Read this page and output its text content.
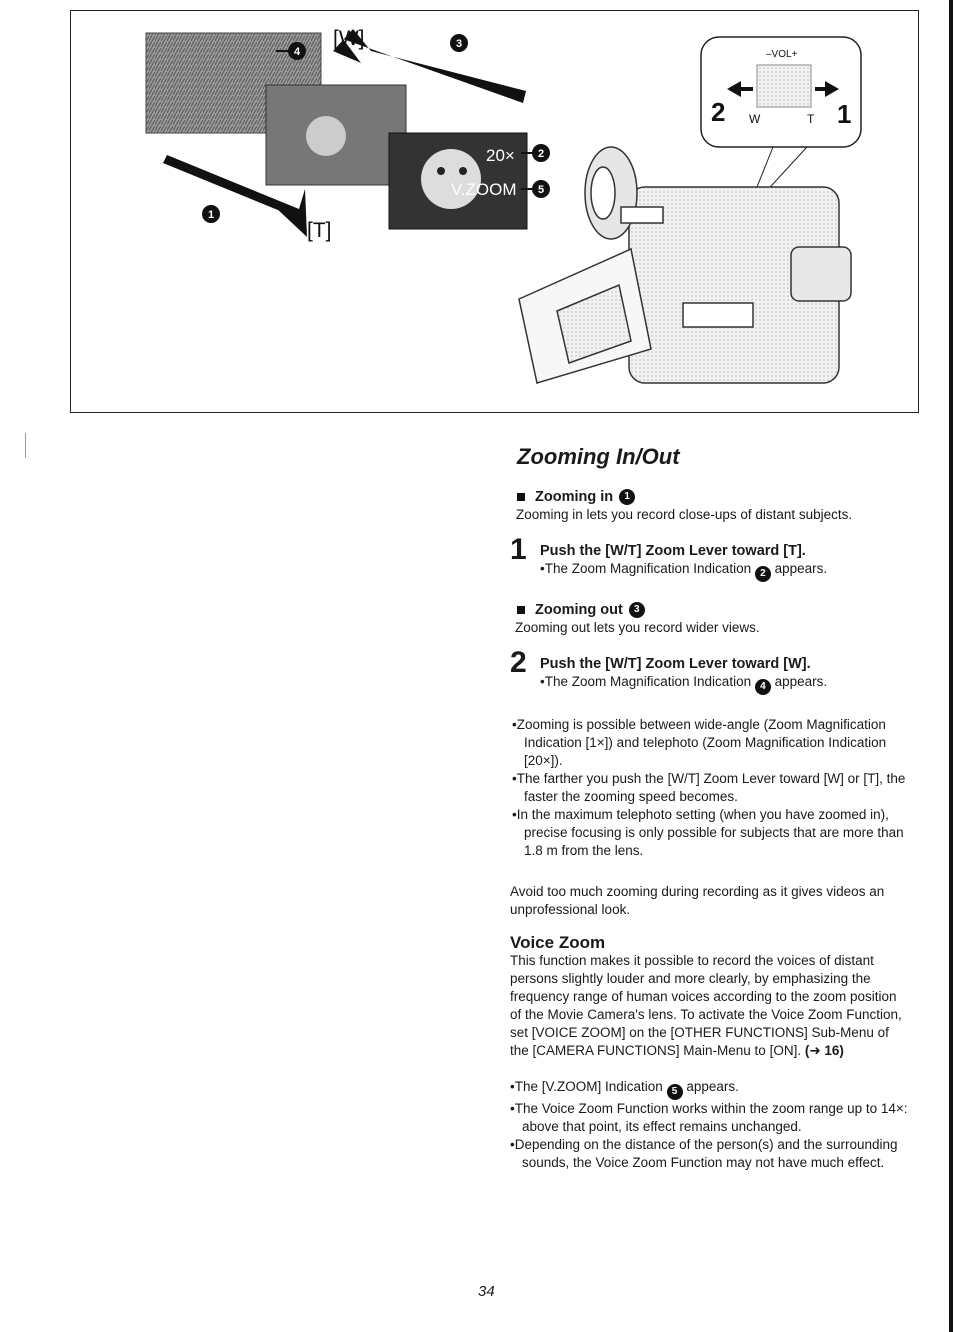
20×
V.ZOOM
4
2
5
3
1
[W]
[T]
–VOL+
2 W	T 1
Zooming In/Out
Zooming in	1
Zooming in lets you record close-ups of distant subjects.
1 Push the [W/T] Zoom Lever toward [T].
•The Zoom Magnification Indication 2 appears.
Zooming out	3
Zooming out lets you record wider views.
2 Push the [W/T] Zoom Lever toward [W].
•The Zoom Magnification Indication 4 appears.

•Zooming is possible between wide-angle (Zoom Magnification Indication [1×]) and telephoto (Zoom Magnification Indication [20×]).

•The farther you push the [W/T] Zoom Lever toward [W] or [T], the faster the zooming speed becomes.

•In the maximum telephoto setting (when you have zoomed in), precise focusing is only possible for subjects that are more than 1.8 m from the lens.

Avoid too much zooming during recording as it gives videos an unprofessional look.
Voice Zoom
This function makes it possible to record the voices of distant persons slightly louder and more clearly, by emphasizing the frequency range of human voices according to the zoom position of the Movie Camera's lens. To activate the Voice Zoom Function, set [VOICE ZOOM] on the [OTHER FUNCTIONS] Sub-Menu of the [CAMERA FUNCTIONS] Main-Menu to [ON]. (➜ 16)

•The [V.ZOOM] Indication 5 appears.

•The Voice Zoom Function works within the zoom range up to 14×: above that point, its effect remains unchanged.

•Depending on the distance of the person(s) and the surrounding sounds, the Voice Zoom Function may not have much effect.

34
